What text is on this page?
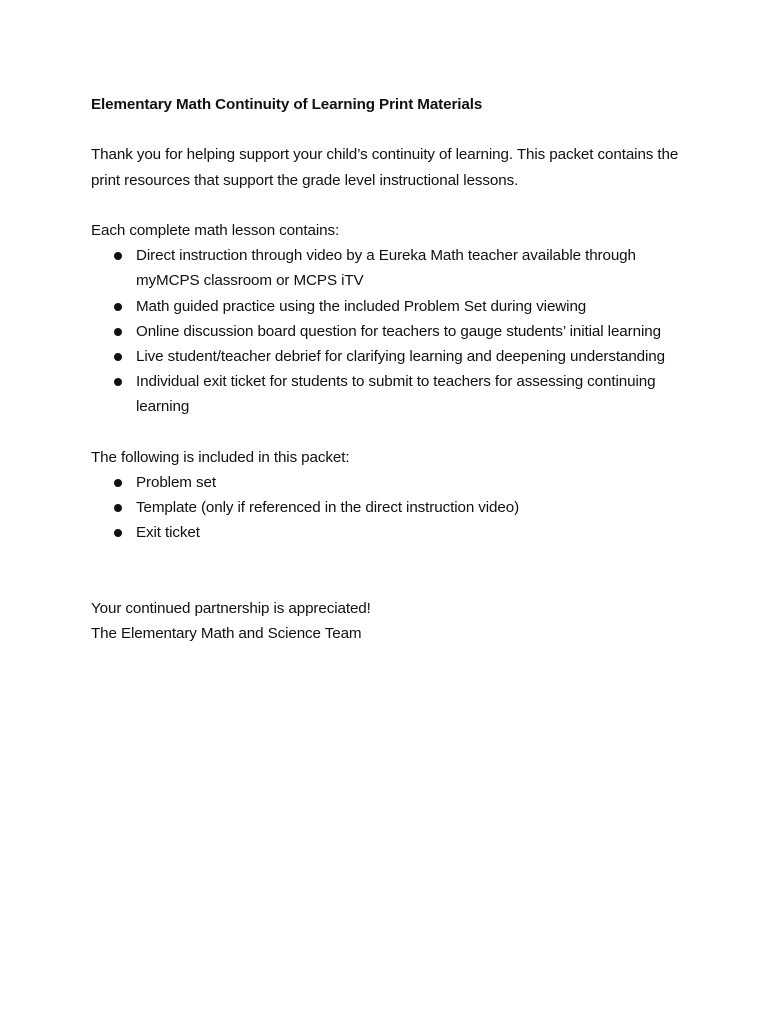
Elementary Math Continuity of Learning Print Materials

Thank you for helping support your child’s continuity of learning. This packet contains the print resources that support the grade level instructional lessons.

Each complete math lesson contains:

Direct instruction through video by a Eureka Math teacher available through myMCPS classroom or MCPS iTV
Math guided practice using the included Problem Set during viewing
Online discussion board question for teachers to gauge students’ initial learning
Live student/teacher debrief for clarifying learning and deepening understanding
Individual exit ticket for students to submit to teachers for assessing continuing learning

The following is included in this packet:

Problem set
Template (only if referenced in the direct instruction video)
Exit ticket

Your continued partnership is appreciated!

The Elementary Math and Science Team
